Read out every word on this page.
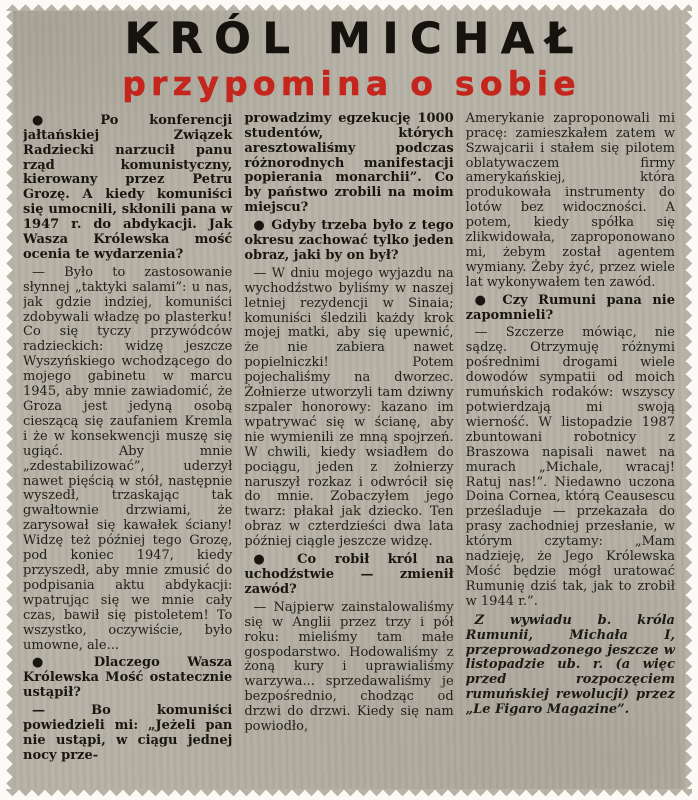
KRÓL MICHAŁ
przypomina o sobie

● Po konferencji jałtańskiej Związek Radziecki narzucił panu rząd komunistyczny, kierowany przez Petru Grozę. A kiedy komuniści się umocnili, skłonili pana w 1947 r. do abdykacji. Jak Wasza Królewska mość ocenia te wydarzenia?

— Było to zastosowanie słynnej „taktyki salami”: u nas, jak gdzie indziej, komuniści zdobywali władzę po plasterku! Co się tyczy przywódców radzieckich: widzę jeszcze Wyszyńskiego wchodzącego do mojego gabinetu w marcu 1945, aby mnie zawiadomić, że Groza jest jedyną osobą cieszącą się zaufaniem Kremla i że w konsekwencji muszę się ugiąć. Aby mnie „zdestabilizować”, uderzył nawet pięścią w stół, następnie wyszedł, trzaskając tak gwałtownie drzwiami, że zarysował się kawałek ściany! Widzę też później tego Grozę, pod koniec 1947, kiedy przyszedł, aby mnie zmusić do podpisania aktu abdykacji: wpatrując się we mnie cały czas, bawił się pistoletem! To wszystko, oczywiście, było umowne, ale...

● Dlaczego Wasza Królewska Mość ostatecznie ustąpił?

— Bo komuniści powiedzieli mi: „Jeżeli pan nie ustąpi, w ciągu jednej nocy prze-

prowadzimy egzekucję 1000 studentów, których aresztowaliśmy podczas różnorodnych manifestacji popierania monarchii”. Co by państwo zrobili na moim miejscu?

● Gdyby trzeba było z tego okresu zachować tylko jeden obraz, jaki by on był?

— W dniu mojego wyjazdu na wychodźstwo byliśmy w naszej letniej rezydencji w Sinaia; komuniści śledzili każdy krok mojej matki, aby się upewnić, że nie zabiera nawet popielniczki! Potem pojechaliśmy na dworzec. Żołnierze utworzyli tam dziwny szpaler honorowy: kazano im wpatrywać się w ścianę, aby nie wymienili ze mną spojrzeń. W chwili, kiedy wsiadłem do pociągu, jeden z żołnierzy naruszył rozkaz i odwrócił się do mnie. Zobaczyłem jego twarz: płakał jak dziecko. Ten obraz w czterdzieści dwa lata później ciągle jeszcze widzę.

● Co robił król na uchodźstwie — zmienił zawód?

— Najpierw zainstalowaliśmy się w Anglii przez trzy i pół roku: mieliśmy tam małe gospodarstwo. Hodowaliśmy z żoną kury i uprawialiśmy warzywa... sprzedawaliśmy je bezpośrednio, chodząc od drzwi do drzwi. Kiedy się nam powiodło,

Amerykanie zaproponowali mi pracę: zamieszkałem zatem w Szwajcarii i stałem się pilotem oblatywaczem firmy amerykańskiej, która produkowała instrumenty do lotów bez widoczności. A potem, kiedy spółka się zlikwidowała, zaproponowano mi, żebym został agentem wymiany. Żeby żyć, przez wiele lat wykonywałem ten zawód.

● Czy Rumuni pana nie zapomnieli?

— Szczerze mówiąc, nie sądzę. Otrzymuję różnymi pośrednimi drogami wiele dowodów sympatii od moich rumuńskich rodaków: wszyscy potwierdzają mi swoją wierność. W listopadzie 1987 zbuntowani robotnicy z Braszowa napisali nawet na murach „Michale, wracaj! Ratuj nas!”. Niedawno uczona Doina Cornea, którą Ceausescu prześladuje — przekazała do prasy zachodniej przesłanie, w którym czytamy: „Mam nadzieję, że Jego Królewska Mość będzie mógł uratować Rumunię dziś tak, jak to zrobił w 1944 r.”.

Z wywiadu b. króla Rumunii, Michała I, przeprowadzonego jeszcze w listopadzie ub. r. (a więc przed rozpoczęciem rumuńskiej rewolucji) przez „Le Figaro Magazine”.
